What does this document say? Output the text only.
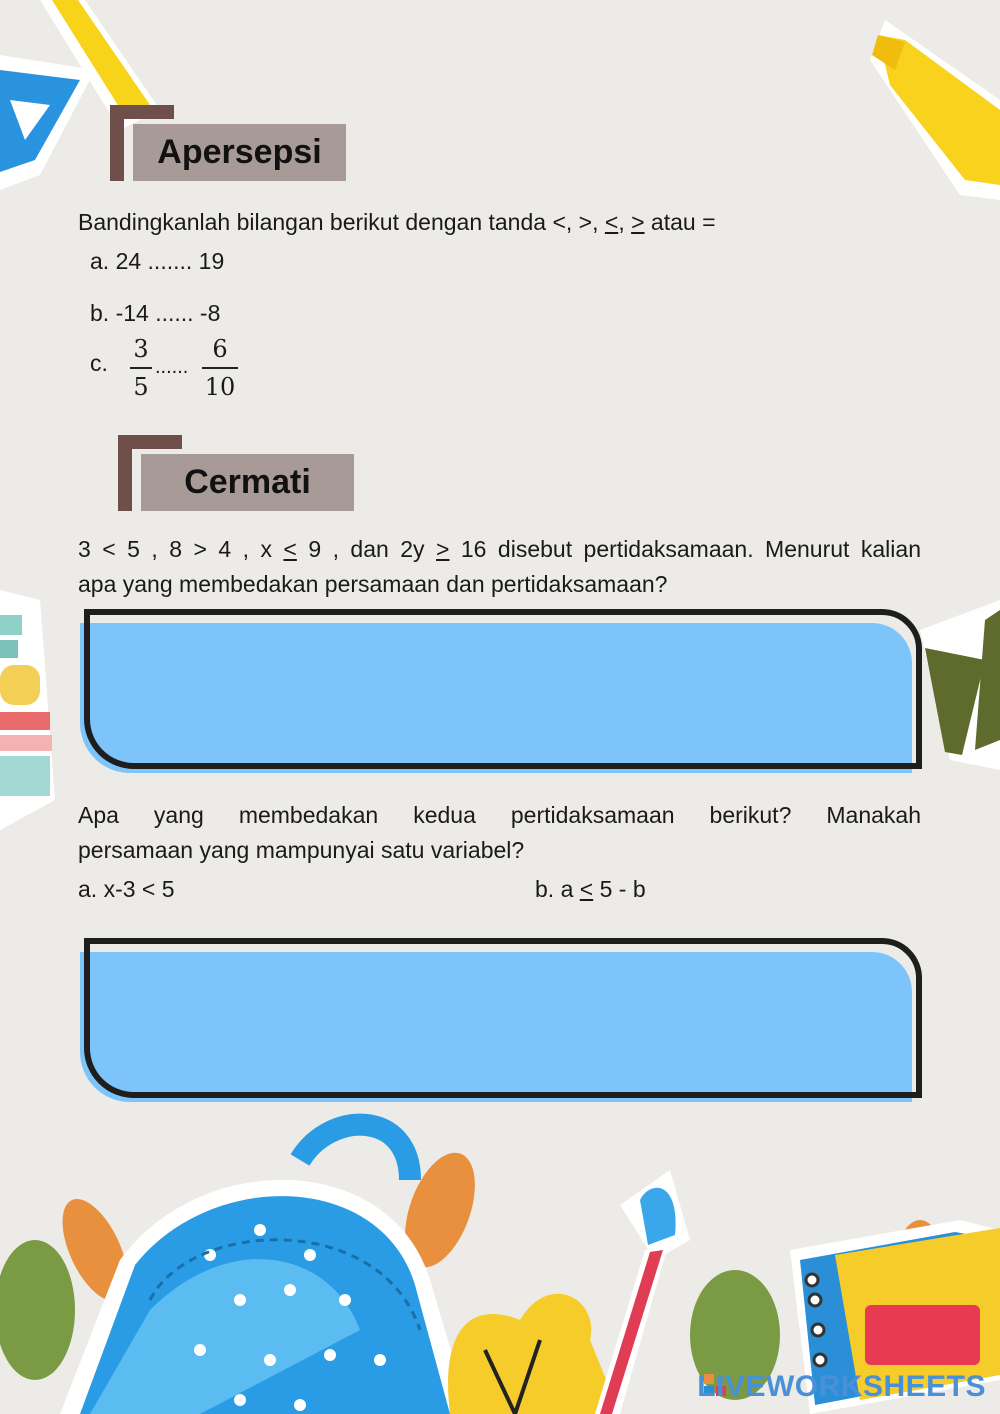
Apersepsi
Bandingkanlah bilangan berikut dengan tanda <, >, <, > atau =
a. 24 ....... 19
b. -14 ...... -8
c. 3
5
......
6
10
Cermati
3 < 5 , 8 > 4 , x ≤ 9 , dan 2y ≥ 16 disebut pertidaksamaan. Menurut kalian
apa yang membedakan persamaan dan pertidaksamaan?
Apa yang membedakan kedua pertidaksamaan berikut? Manakah
persamaan yang mampunyai satu variabel?
a. x-3 < 5	b. a ≤ 5 - b
LIVEWORKSHEETS
